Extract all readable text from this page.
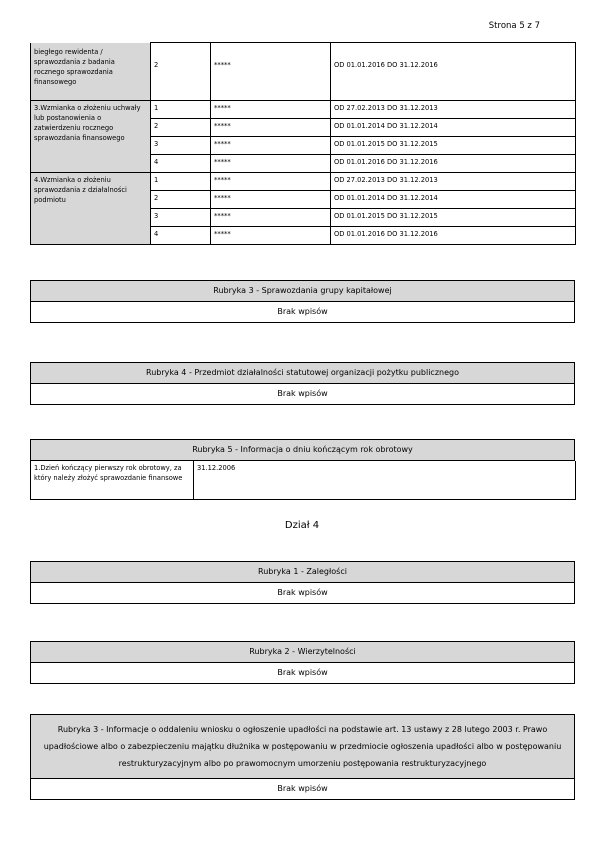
Strona 5 z 7
biegłego rewidenta / sprawozdania z badania rocznego sprawozdania finansowego	2	*****	OD 01.01.2016 DO 31.12.2016
3.Wzmianka o złożeniu uchwały lub postanowienia o zatwierdzeniu rocznego sprawozdania finansowego	1	*****	OD 27.02.2013 DO 31.12.2013
	2	*****	OD 01.01.2014 DO 31.12.2014
	3	*****	OD 01.01.2015 DO 31.12.2015
	4	*****	OD 01.01.2016 DO 31.12.2016
4.Wzmianka o złożeniu sprawozdania z działalności podmiotu	1	*****	OD 27.02.2013 DO 31.12.2013
	2	*****	OD 01.01.2014 DO 31.12.2014
	3	*****	OD 01.01.2015 DO 31.12.2015
	4	*****	OD 01.01.2016 DO 31.12.2016
Rubryka 3 - Sprawozdania grupy kapitałowej
Brak wpisów
Rubryka 4 - Przedmiot działalności statutowej organizacji pożytku publicznego
Brak wpisów
Rubryka 5 - Informacja o dniu kończącym rok obrotowy
1.Dzień kończący pierwszy rok obrotowy, za który należy złożyć sprawozdanie finansowe	31.12.2006
Dział 4
Rubryka 1 - Zaległości
Brak wpisów
Rubryka 2 - Wierzytelności
Brak wpisów
Rubryka 3 - Informacje o oddaleniu wniosku o ogłoszenie upadłości na podstawie art. 13 ustawy z 28 lutego 2003 r. Prawo upadłościowe albo o zabezpieczeniu majątku dłużnika w postępowaniu w przedmiocie ogłoszenia upadłości albo w postępowaniu restrukturyzacyjnym albo po prawomocnym umorzeniu postępowania restrukturyzacyjnego
Brak wpisów
